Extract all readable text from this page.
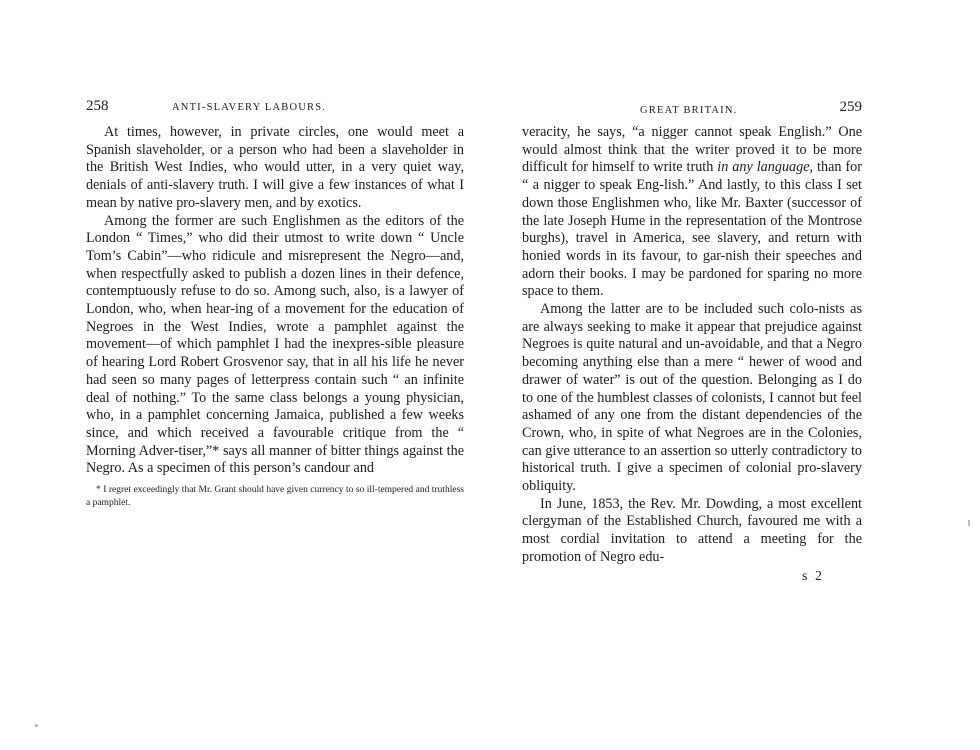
258	ANTI-SLAVERY LABOURS.

At times, however, in private circles, one would meet a Spanish slaveholder, or a person who had been a slaveholder in the British West Indies, who would utter, in a very quiet way, denials of anti-slavery truth. I will give a few instances of what I mean by native pro-slavery men, and by exotics.

Among the former are such Englishmen as the editors of the London “ Times,” who did their utmost to write down “ Uncle Tom’s Cabin”—who ridicule and misrepresent the Negro—and, when respectfully asked to publish a dozen lines in their defence, contemptuously refuse to do so. Among such, also, is a lawyer of London, who, when hear-ing of a movement for the education of Negroes in the West Indies, wrote a pamphlet against the movement—of which pamphlet I had the inexpres-sible pleasure of hearing Lord Robert Grosvenor say, that in all his life he never had seen so many pages of letterpress contain such “ an infinite deal of nothing.” To the same class belongs a young physician, who, in a pamphlet concerning Jamaica, published a few weeks since, and which received a favourable critique from the “ Morning Adver-tiser,”* says all manner of bitter things against the Negro. As a specimen of this person’s candour and

* I regret exceedingly that Mr. Grant should have given currency to so ill-tempered and truthless a pamphlet.
GREAT BRITAIN.	259

veracity, he says, “a nigger cannot speak English.” One would almost think that the writer proved it to be more difficult for himself to write truth in any language, than for “ a nigger to speak Eng-lish.” And lastly, to this class I set down those Englishmen who, like Mr. Baxter (successor of the late Joseph Hume in the representation of the Montrose burghs), travel in America, see slavery, and return with honied words in its favour, to gar-nish their speeches and adorn their books. I may be pardoned for sparing no more space to them.

Among the latter are to be included such colo-nists as are always seeking to make it appear that prejudice against Negroes is quite natural and un-avoidable, and that a Negro becoming anything else than a mere “ hewer of wood and drawer of water” is out of the question. Belonging as I do to one of the humblest classes of colonists, I cannot but feel ashamed of any one from the distant dependencies of the Crown, who, in spite of what Negroes are in the Colonies, can give utterance to an assertion so utterly contradictory to historical truth. I give a specimen of colonial pro-slavery obliquity.

In June, 1853, the Rev. Mr. Dowding, a most excellent clergyman of the Established Church, favoured me with a most cordial invitation to attend a meeting for the promotion of Negro edu-

s 2
